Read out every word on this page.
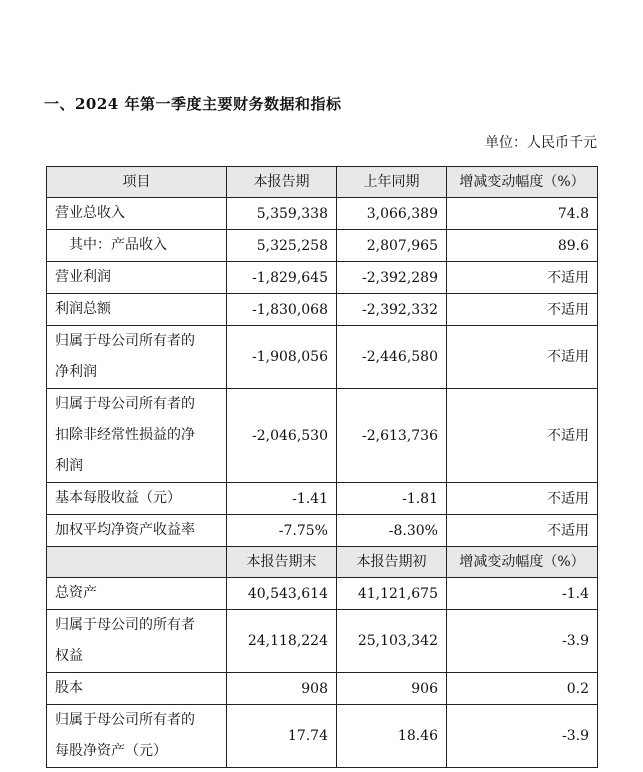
一、2024 年第一季度主要财务数据和指标
单位：人民币千元
项目	本报告期	上年同期	增减变动幅度（%）

营业总收入	5,359,338	3,066,389	74.8

其中：产品收入	5,325,258	2,807,965	89.6

营业利润	-1,829,645	-2,392,289	不适用

利润总额	-1,830,068	-2,392,332	不适用

归属于母公司所有者的
净利润	-1,908,056	-2,446,580	不适用

归属于母公司所有者的
扣除非经常性损益的净
利润	-2,046,530	-2,613,736	不适用

基本每股收益（元）	-1.41	-1.81	不适用

加权平均净资产收益率	-7.75%	-8.30%	不适用
	本报告期末	本报告期初	增减变动幅度（%）

总资产	40,543,614	41,121,675	-1.4

归属于母公司的所有者
权益	24,118,224	25,103,342	-3.9

股本	908	906	0.2

归属于母公司所有者的
每股净资产（元）	17.74	18.46	-3.9
